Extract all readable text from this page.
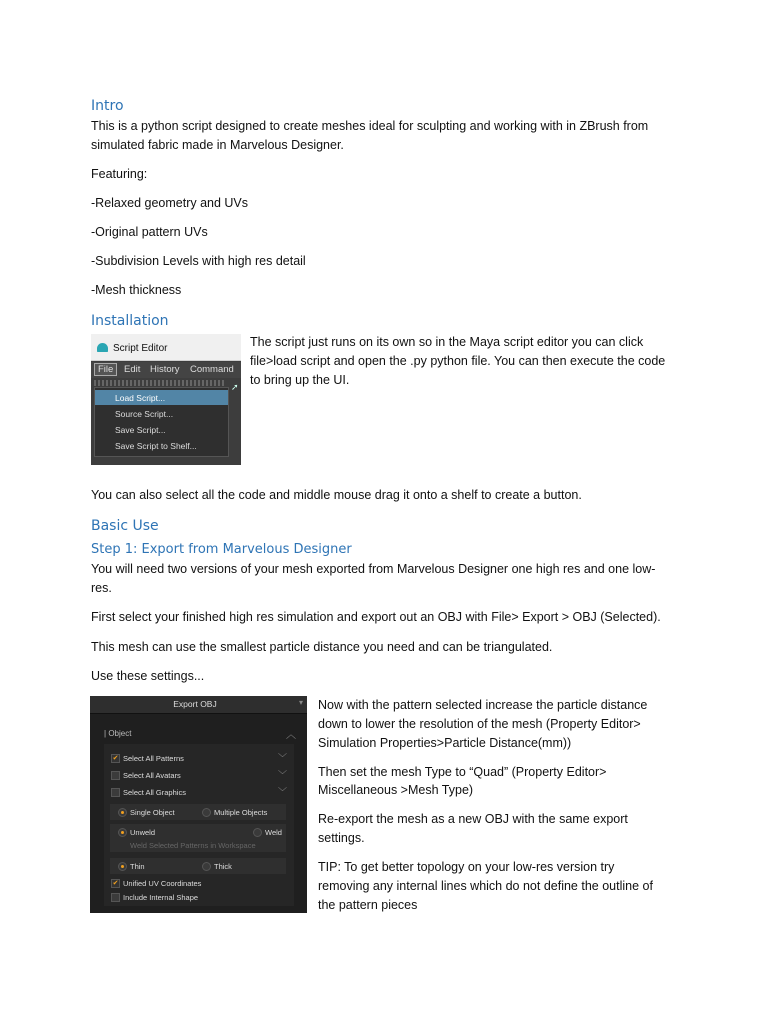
Intro
This is a python script designed to create meshes ideal for sculpting and working with in ZBrush from
simulated fabric made in Marvelous Designer.
Featuring:
-Relaxed geometry and UVs
-Original pattern UVs
-Subdivision Levels with high res detail
-Mesh thickness
Installation
Script Editor
File	Edit History Command
➚
Load Script...
Source Script...
Save Script...
Save Script to Shelf...
The script just runs on its own so in the Maya script editor you can click
file>load script and open the .py python file. You can then execute the code
to bring up the UI.
You can also select all the code and middle mouse drag it onto a shelf to create a button.
Basic Use
Step 1: Export from Marvelous Designer
You will need two versions of your mesh exported from Marvelous Designer one high res and one low-
res.
First select your finished high res simulation and export out an OBJ with File> Export > OBJ (Selected).
This mesh can use the smallest particle distance you need and can be triangulated.
Use these settings...
Export OBJ	▾
| Object	︿
✔ Select All Patterns	﹀
Select All Avatars	﹀
Select All Graphics	﹀
Single Object	Multiple Objects
Unweld	Weld
Weld Selected Patterns in Workspace
Thin	Thick
✔ Unified UV Coordinates
Include Internal Shape
Now with the pattern selected increase the particle distance
down to lower the resolution of the mesh (Property Editor>
Simulation Properties>Particle Distance(mm))
Then set the mesh Type to “Quad” (Property Editor>
Miscellaneous >Mesh Type)
Re-export the mesh as a new OBJ with the same export
settings.
TIP: To get better topology on your low-res version try
removing any internal lines which do not define the outline of
the pattern pieces
